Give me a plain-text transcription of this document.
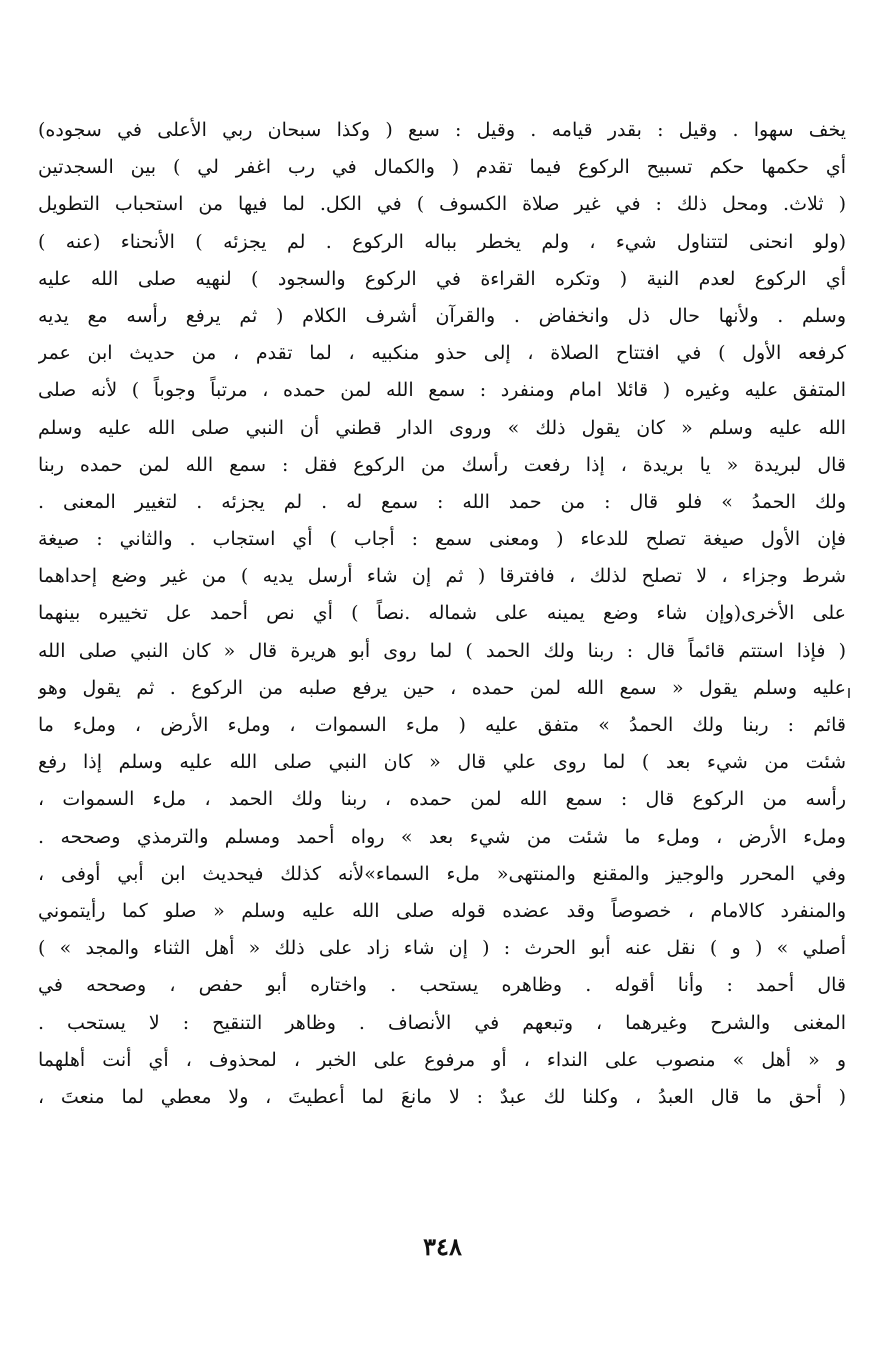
يخف سهوا . وقيل : بقدر قيامه . وقيل : سبع ( وكذا سبحان ربي الأعلى في سجوده)
أي حكمها حكم تسبيح الركوع فيما تقدم ( والكمال في رب اغفر لي ) بين السجدتين
( ثلاث. ومحل ذلك : في غير صلاة الكسوف ) في الكل. لما فيها من استحباب التطويل
(ولو انحنى لتتناول شيء ، ولم يخطر بباله الركوع . لم يجزئه ) الأنحناء (عنه )
أي الركوع لعدم النية ( وتكره القراءة في الركوع والسجود ) لنهيه صلى الله عليه
وسلم . ولأنها حال ذل وانخفاض . والقرآن أشرف الكلام ( ثم يرفع رأسه مع يديه
كرفعه الأول ) في افتتاح الصلاة ، إلى حذو منكبيه ، لما تقدم ، من حديث ابن عمر
المتفق عليه وغيره ( قائلا امام ومنفرد : سمع الله لمن حمده ، مرتباً وجوباً ) لأنه صلى
الله عليه وسلم « كان يقول ذلك » وروى الدار قطني أن النبي صلى الله عليه وسلم
قال لبريدة « يا بريدة ، إذا رفعت رأسك من الركوع فقل : سمع الله لمن حمده ربنا
ولك الحمدُ » فلو قال : من حمد الله : سمع له . لم يجزئه . لتغيير المعنى .
فإن الأول صيغة تصلح للدعاء ( ومعنى سمع : أجاب ) أي استجاب . والثاني : صيغة
شرط وجزاء ، لا تصلح لذلك ، فافترقا ( ثم إن شاء أرسل يديه ) من غير وضع إحداهما
على الأخرى(وإن شاء وضع يمينه على شماله .نصاً ) أي نص أحمد عل تخييره بينهما
( فإذا استتم قائماً قال : ربنا ولك الحمد ) لما روى أبو هريرة قال « كان النبي صلى الله
عليه وسلم يقول « سمع الله لمن حمده ، حين يرفع صلبه من الركوع . ثم يقول وهو
قائم : ربنا ولك الحمدُ » متفق عليه ( ملء السموات ، وملء الأرض ، وملء ما
شئت من شيء بعد ) لما روى علي قال « كان النبي صلى الله عليه وسلم إذا رفع
رأسه من الركوع قال : سمع الله لمن حمده ، ربنا ولك الحمد ، ملء السموات ،
وملء الأرض ، وملء ما شئت من شيء بعد » رواه أحمد ومسلم والترمذي وصححه .
وفي المحرر والوجيز والمقنع والمنتهى« ملء السماء»لأنه كذلك فيحديث ابن أبي أوفى ،
والمنفرد كالامام ، خصوصاً وقد عضده قوله صلى الله عليه وسلم « صلو كما رأيتموني
أصلي » ( و ) نقل عنه أبو الحرث : ( إن شاء زاد على ذلك « أهل الثناء والمجد » )
قال أحمد : وأنا أقوله . وظاهره يستحب . واختاره أبو حفص ، وصححه في
المغنى والشرح وغيرهما ، وتبعهم في الأنصاف . وظاهر التنقيح : لا يستحب .
و « أهل » منصوب على النداء ، أو مرفوع على الخبر ، لمحذوف ، أي أنت أهلهما
( أحق ما قال العبدُ ، وكلنا لك عبدٌ : لا مانعَ لما أعطيتَ ، ولا معطي لما منعتَ ،
٣٤٨
